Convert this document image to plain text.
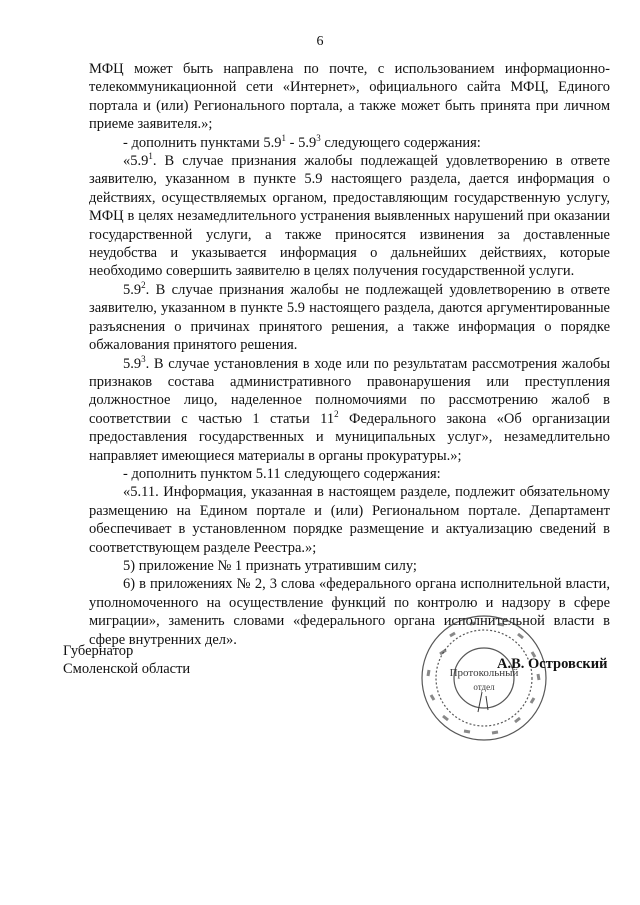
6

МФЦ может быть направлена по почте, с использованием информационно-телекоммуникационной сети «Интернет», официального сайта МФЦ, Единого портала и (или) Регионального портала, а также может быть принята при личном приеме заявителя.»;

- дополнить пунктами $5.9^1 - 5.9^3$ следующего содержания:

«$5.9^1$. В случае признания жалобы подлежащей удовлетворению в ответе заявителю, указанном в пункте 5.9 настоящего раздела, дается информация о действиях, осуществляемых органом, предоставляющим государственную услугу, МФЦ в целях незамедлительного устранения выявленных нарушений при оказании государственной услуги, а также приносятся извинения за доставленные неудобства и указывается информация о дальнейших действиях, которые необходимо совершить заявителю в целях получения государственной услуги.

$5.9^2$. В случае признания жалобы не подлежащей удовлетворению в ответе заявителю, указанном в пункте 5.9 настоящего раздела, даются аргументированные разъяснения о причинах принятого решения, а также информация о порядке обжалования принятого решения.

$5.9^3$. В случае установления в ходе или по результатам рассмотрения жалобы признаков состава административного правонарушения или преступления должностное лицо, наделенное полномочиями по рассмотрению жалоб в соответствии с частью 1 статьи $11^2$ Федерального закона «Об организации предоставления государственных и муниципальных услуг», незамедлительно направляет имеющиеся материалы в органы прокуратуры.»;

- дополнить пунктом 5.11 следующего содержания:

«5.11. Информация, указанная в настоящем разделе, подлежит обязательному размещению на Едином портале и (или) Региональном портале. Департамент обеспечивает в установленном порядке размещение и актуализацию сведений в соответствующем разделе Реестра.»;

5) приложение № 1 признать утратившим силу;

6) в приложениях № 2, 3 слова «федерального органа исполнительной власти, уполномоченного на осуществление функций по контролю и надзору в сфере миграции», заменить словами «федерального органа исполнительной власти в сфере внутренних дел».

Губернатор
Смоленской области	Протокольный
отдел
А.В. Островский
